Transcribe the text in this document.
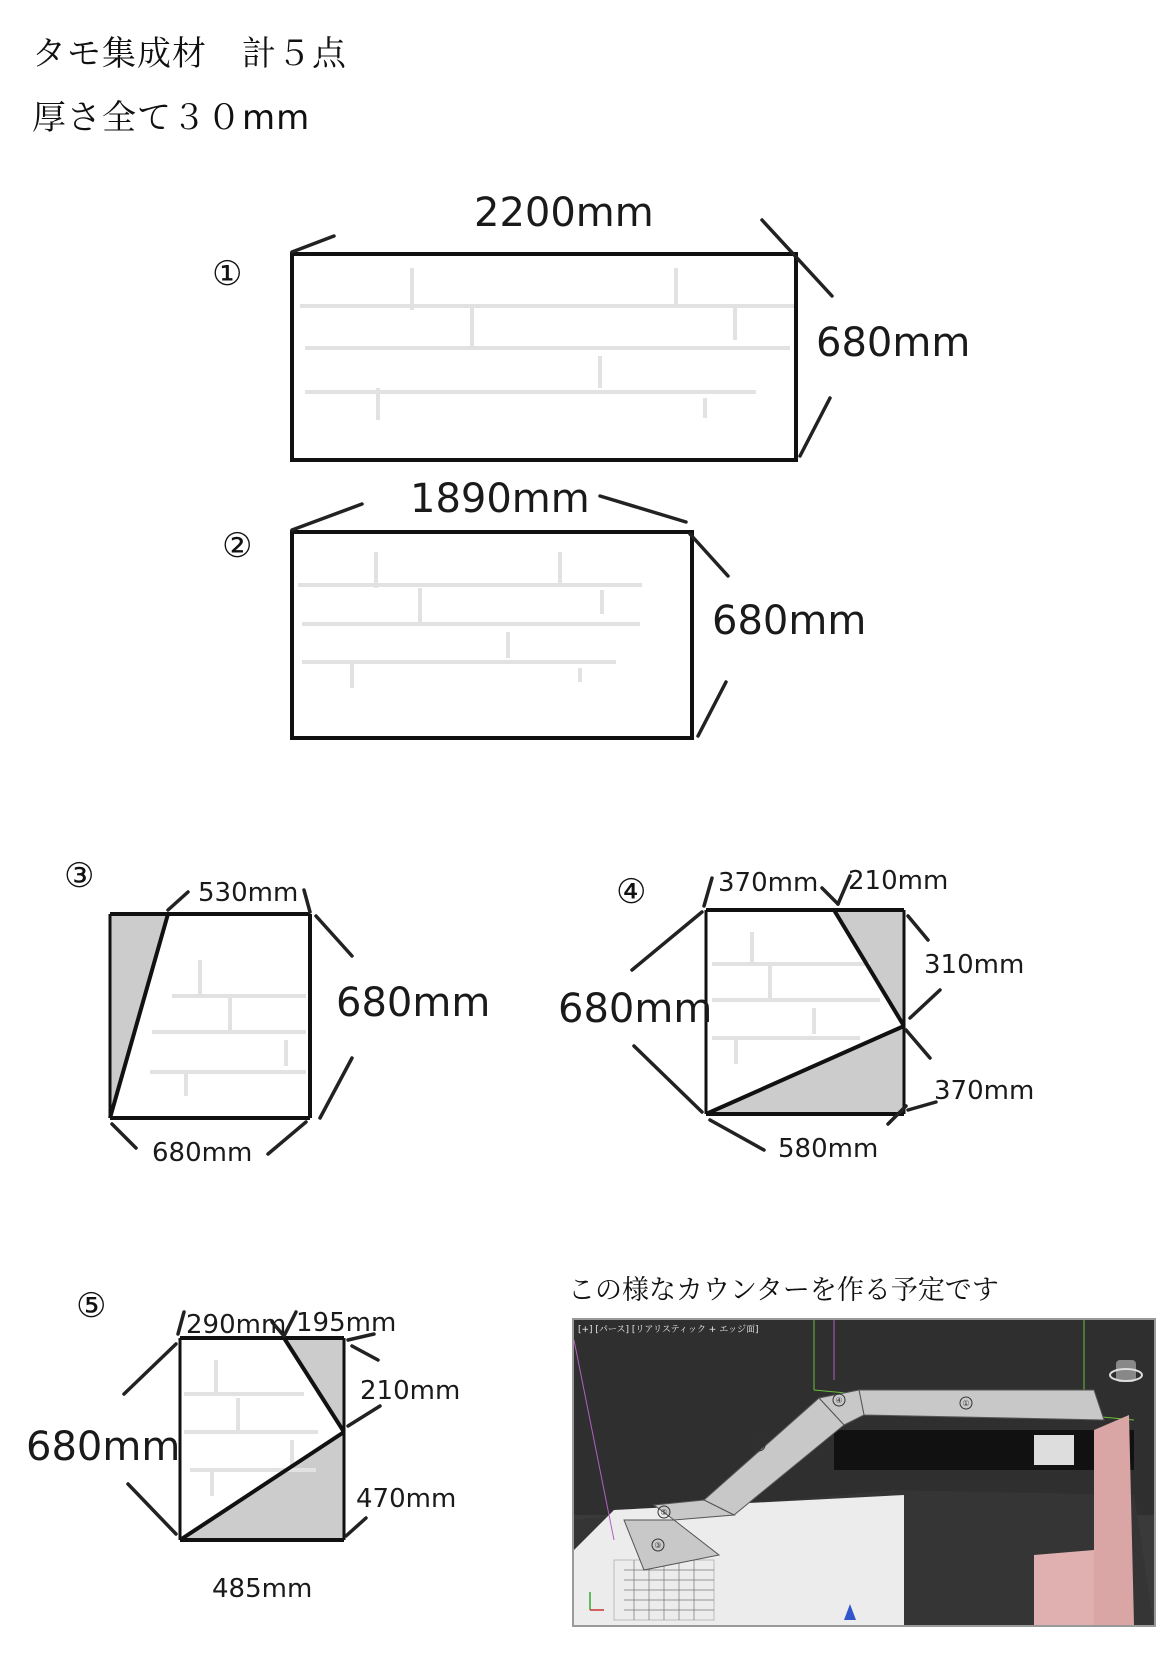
タモ集成材　計５点
厚さ全て３０mm
①
2200mm
680mm
②
1890mm
680mm
③	530mm
680mm
680mm
④	370mm 210mm
310mm
370mm
680mm
580mm
⑤	290mm 195mm
210mm
470mm
680mm
485mm
この様なカウンターを作る予定です
①
②
③
④
⑤
[+] [パース] [リアリスティック + エッジ面]
